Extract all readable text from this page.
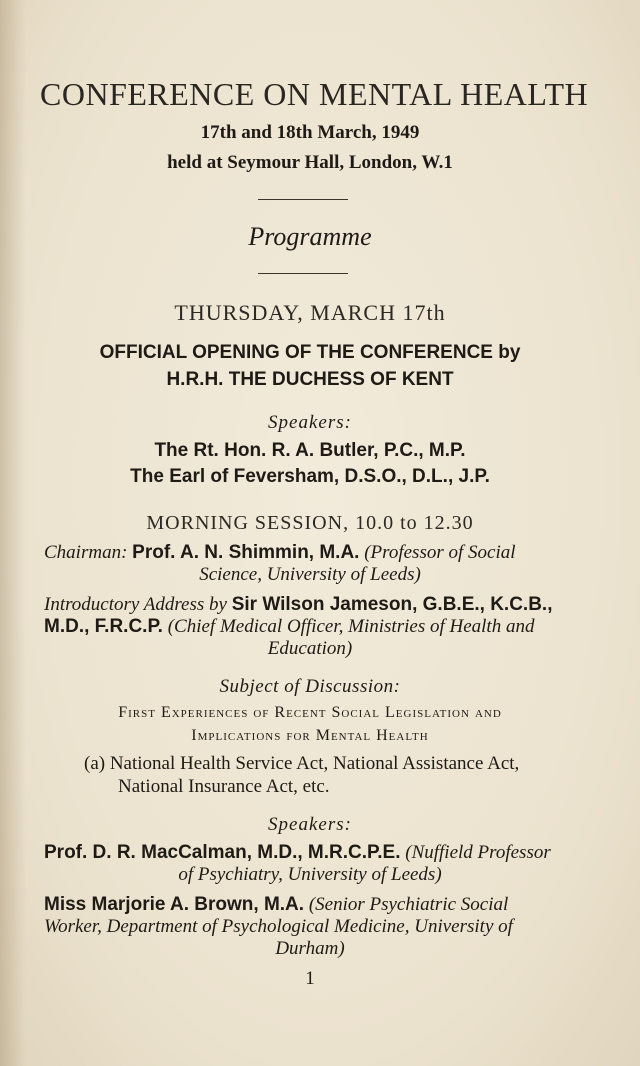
CONFERENCE ON MENTAL HEALTH
17th and 18th March, 1949
held at Seymour Hall, London, W.1
Programme
THURSDAY, MARCH 17th
OFFICIAL OPENING OF THE CONFERENCE by
H.R.H. THE DUCHESS OF KENT
Speakers:
The Rt. Hon. R. A. Butler, P.C., M.P.
The Earl of Feversham, D.S.O., D.L., J.P.
MORNING SESSION, 10.0 to 12.30
Chairman: Prof. A. N. Shimmin, M.A. (Professor of Social
Science, University of Leeds)
Introductory Address by Sir Wilson Jameson, G.B.E., K.C.B.,
M.D., F.R.C.P. (Chief Medical Officer, Ministries of Health and
Education)
Subject of Discussion:
First Experiences of Recent Social Legislation and
Implications for Mental Health
(a) National Health Service Act, National Assistance Act,
National Insurance Act, etc.
Speakers:
Prof. D. R. MacCalman, M.D., M.R.C.P.E. (Nuffield Professor
of Psychiatry, University of Leeds)
Miss Marjorie A. Brown, M.A. (Senior Psychiatric Social
Worker, Department of Psychological Medicine, University of
Durham)
1
